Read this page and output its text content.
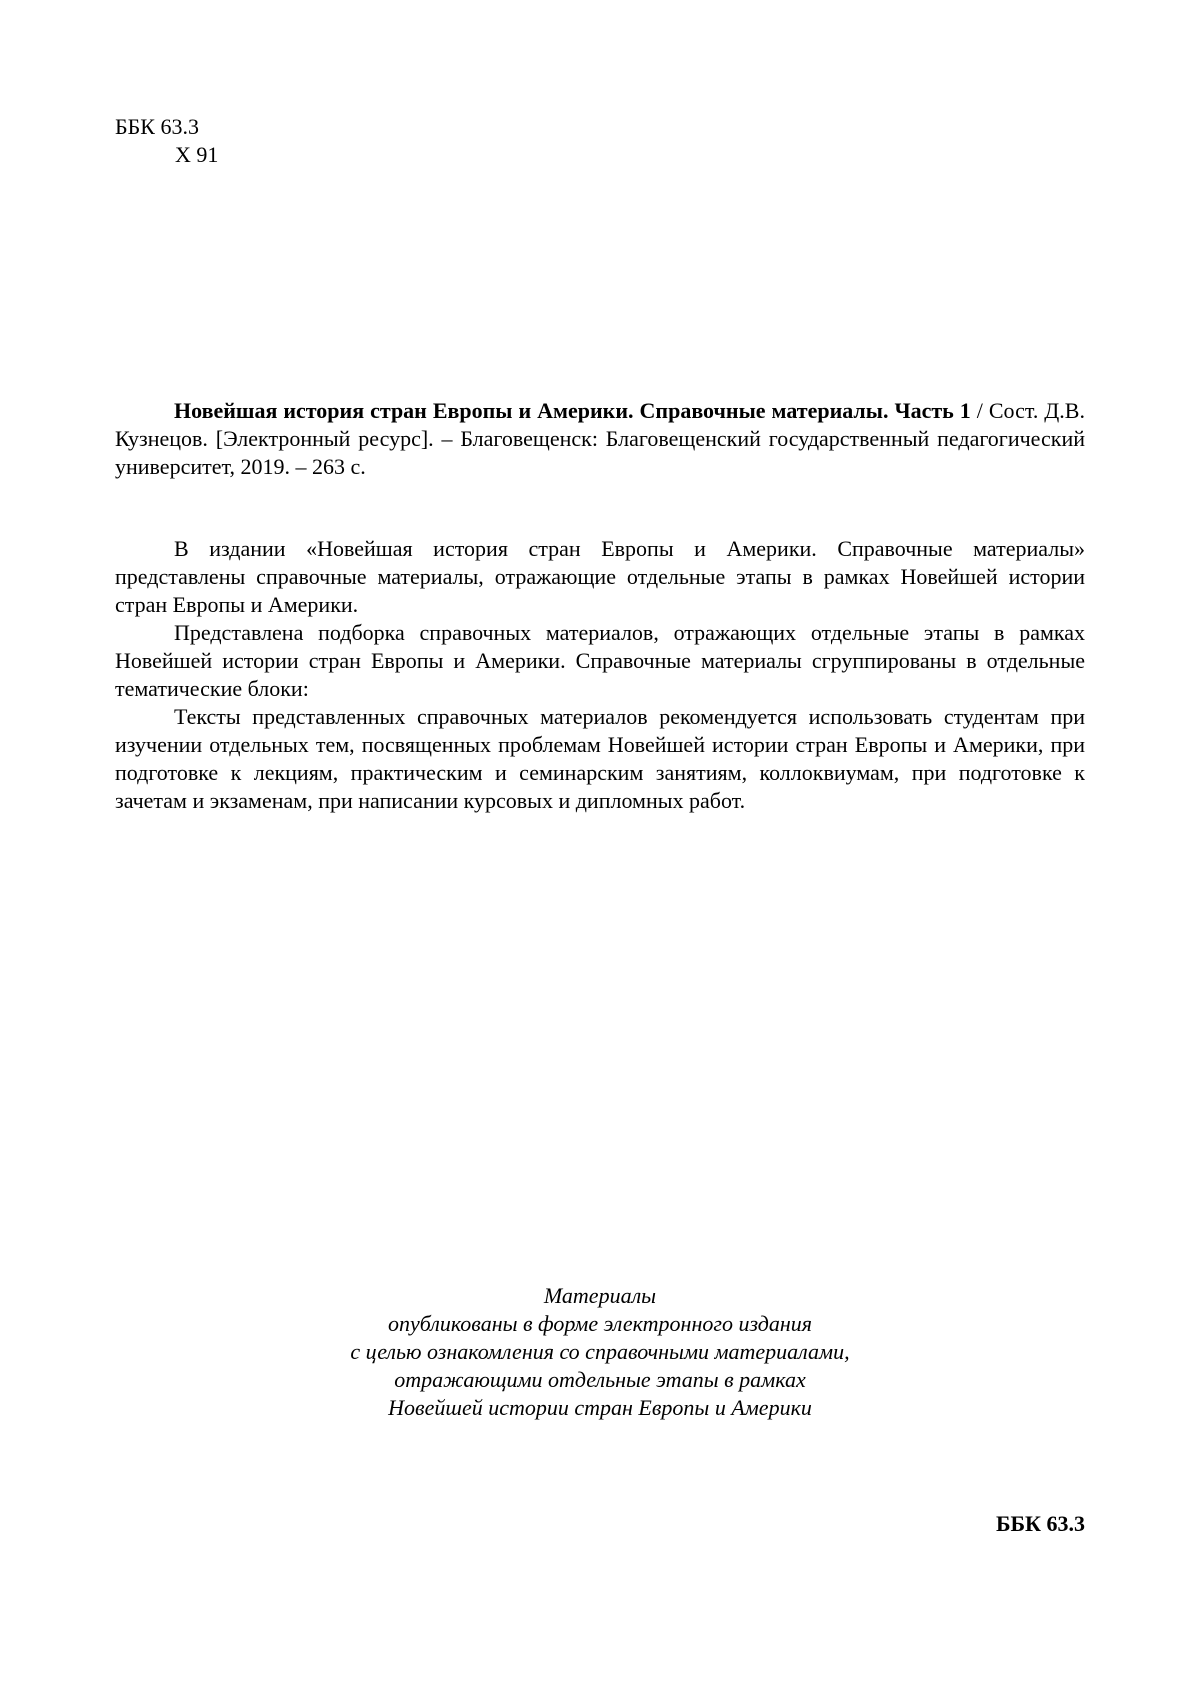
ББК 63.3
Х 91
Новейшая история стран Европы и Америки. Справочные материалы. Часть 1 / Сост. Д.В. Кузнецов. [Электронный ресурс]. – Благовещенск: Благовещенский государственный педагогический университет, 2019. – 263 с.

В издании «Новейшая история стран Европы и Америки. Справочные материалы» представлены справочные материалы, отражающие отдельные этапы в рамках Новейшей истории стран Европы и Америки.

Представлена подборка справочных материалов, отражающих отдельные этапы в рамках Новейшей истории стран Европы и Америки. Справочные материалы сгруппированы в отдельные тематические блоки:

Тексты представленных справочных материалов рекомендуется использовать студентам при изучении отдельных тем, посвященных проблемам Новейшей истории стран Европы и Америки, при подготовке к лекциям, практическим и семинарским занятиям, коллоквиумам, при подготовке к зачетам и экзаменам, при написании курсовых и дипломных работ.

Материалы
опубликованы в форме электронного издания
с целью ознакомления со справочными материалами,
отражающими отдельные этапы в рамках
Новейшей истории стран Европы и Америки
ББК 63.3
